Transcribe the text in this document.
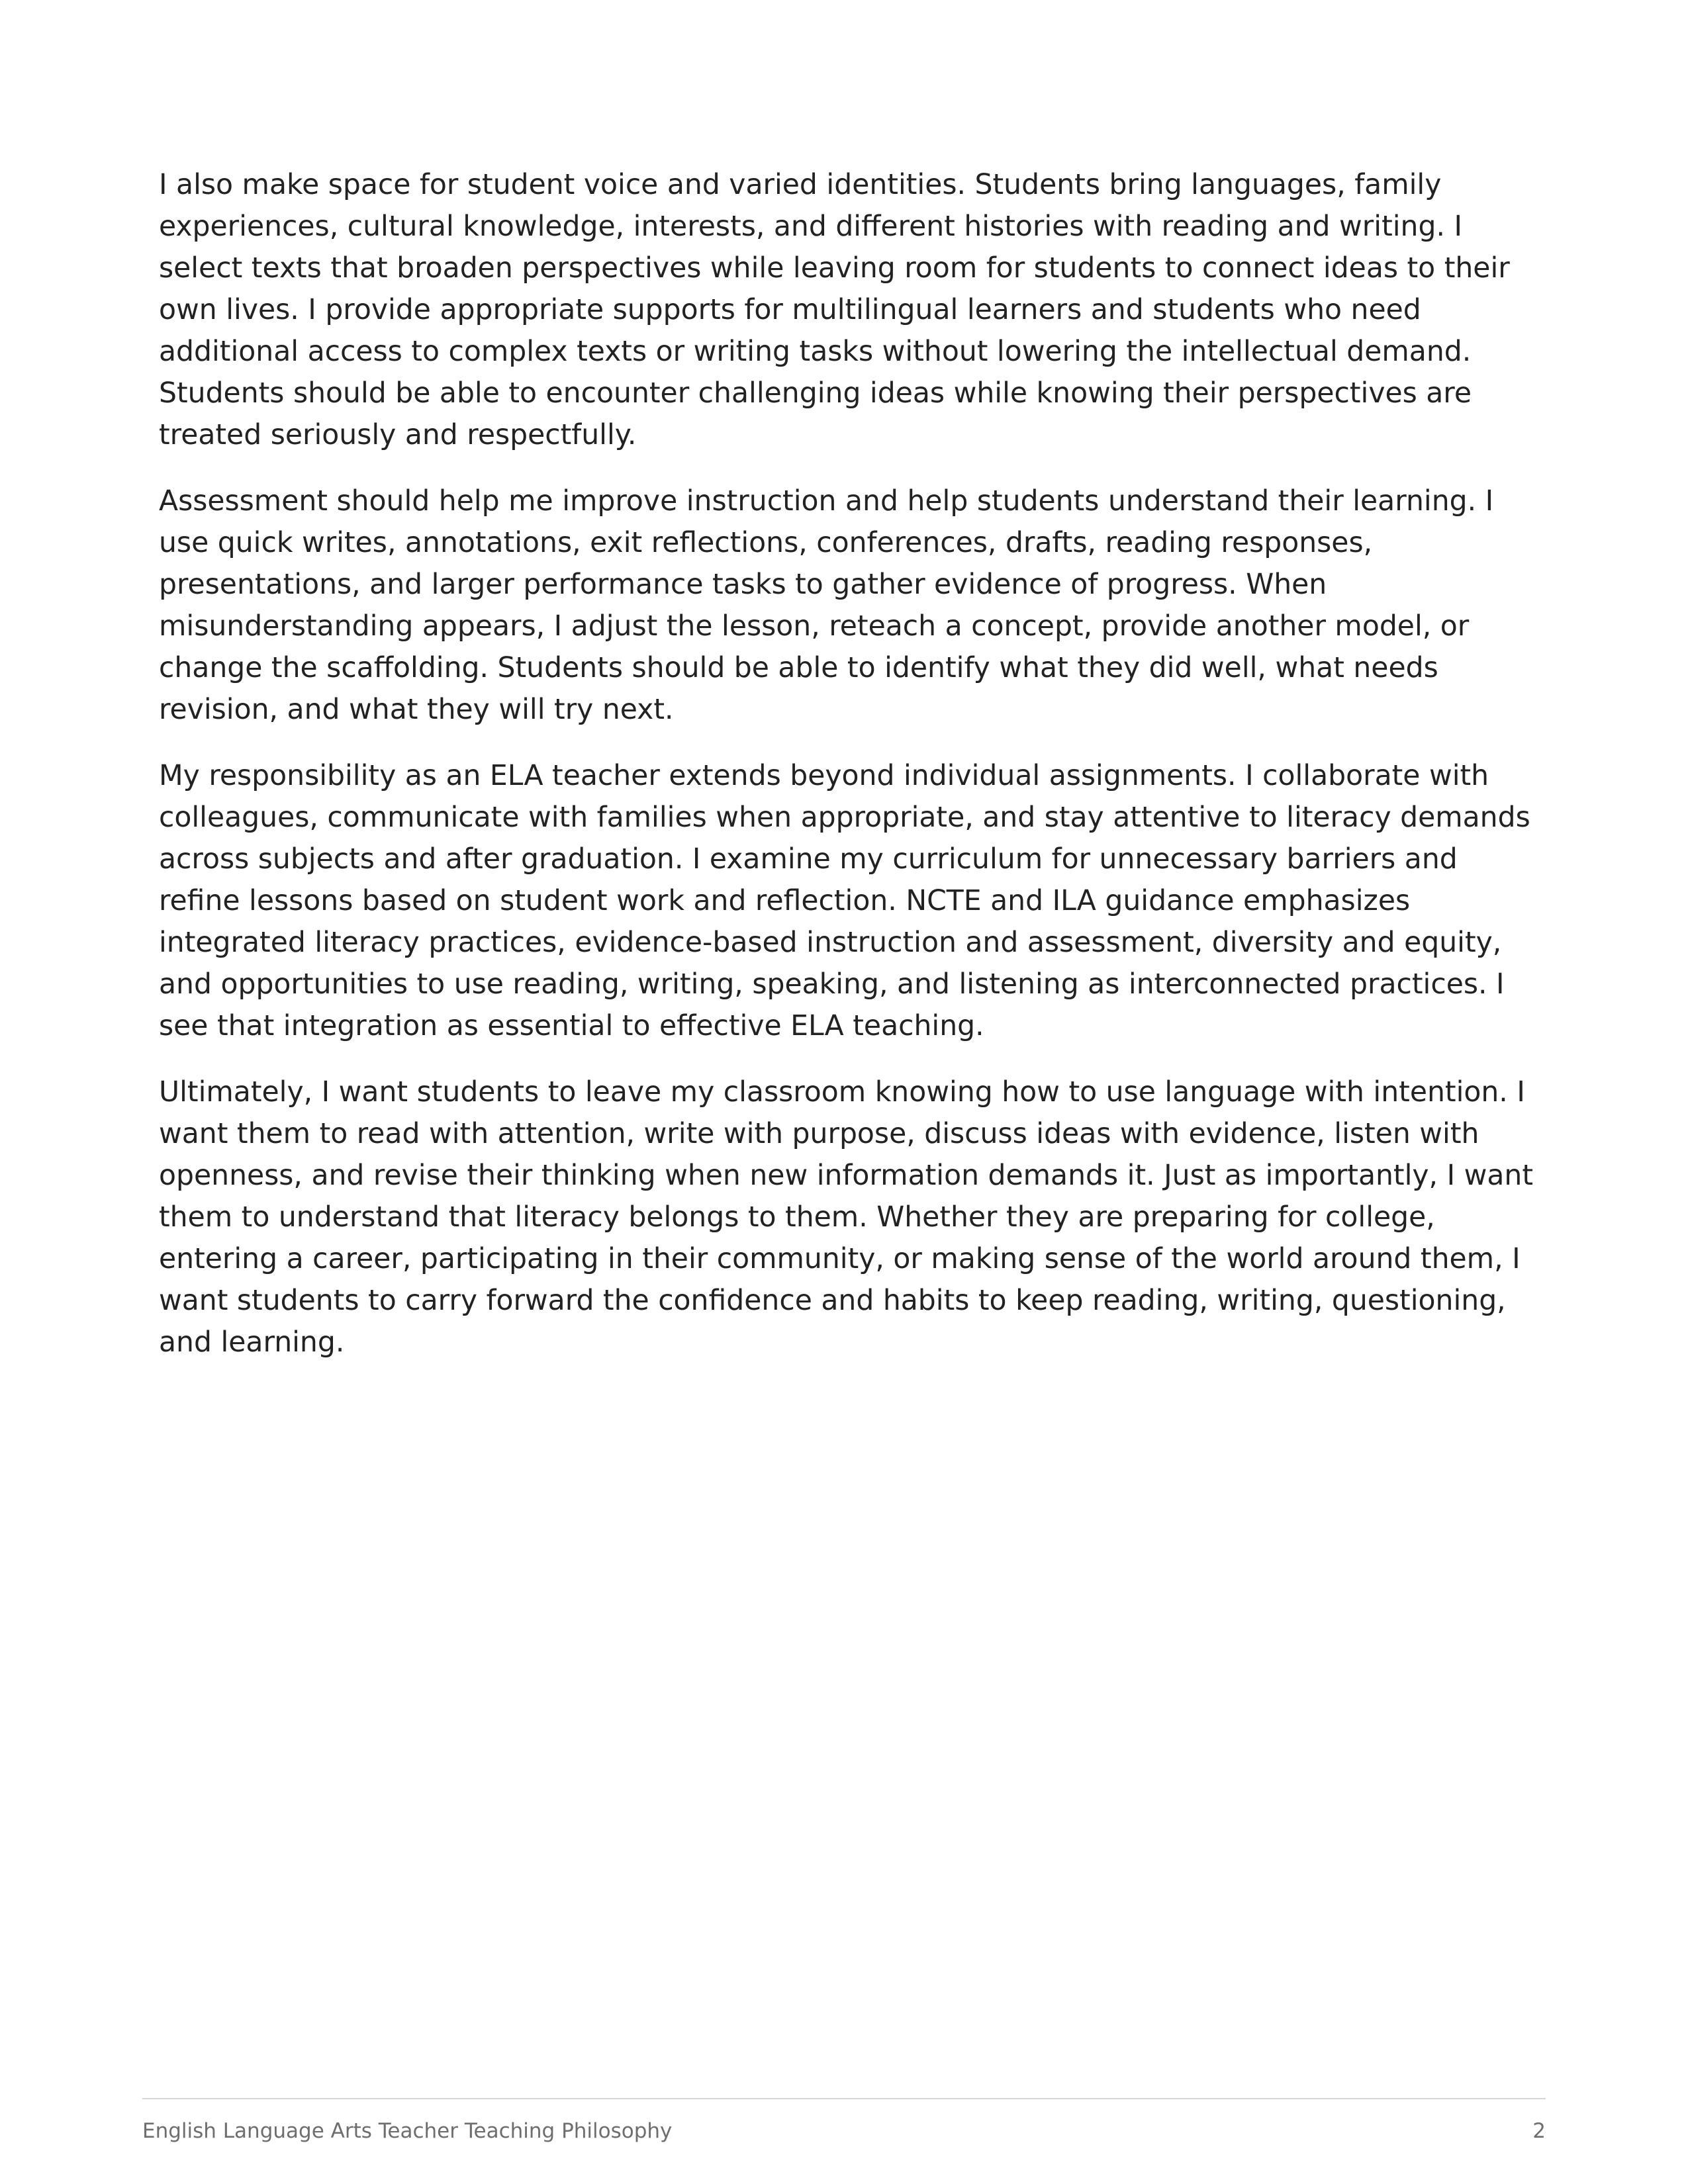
I also make space for student voice and varied identities. Students bring languages, family
experiences, cultural knowledge, interests, and different histories with reading and writing. I
select texts that broaden perspectives while leaving room for students to connect ideas to their
own lives. I provide appropriate supports for multilingual learners and students who need
additional access to complex texts or writing tasks without lowering the intellectual demand.
Students should be able to encounter challenging ideas while knowing their perspectives are
treated seriously and respectfully.

Assessment should help me improve instruction and help students understand their learning. I
use quick writes, annotations, exit reflections, conferences, drafts, reading responses,
presentations, and larger performance tasks to gather evidence of progress. When
misunderstanding appears, I adjust the lesson, reteach a concept, provide another model, or
change the scaffolding. Students should be able to identify what they did well, what needs
revision, and what they will try next.

My responsibility as an ELA teacher extends beyond individual assignments. I collaborate with
colleagues, communicate with families when appropriate, and stay attentive to literacy demands
across subjects and after graduation. I examine my curriculum for unnecessary barriers and
refine lessons based on student work and reflection. NCTE and ILA guidance emphasizes
integrated literacy practices, evidence-based instruction and assessment, diversity and equity,
and opportunities to use reading, writing, speaking, and listening as interconnected practices. I
see that integration as essential to effective ELA teaching.

Ultimately, I want students to leave my classroom knowing how to use language with intention. I
want them to read with attention, write with purpose, discuss ideas with evidence, listen with
openness, and revise their thinking when new information demands it. Just as importantly, I want
them to understand that literacy belongs to them. Whether they are preparing for college,
entering a career, participating in their community, or making sense of the world around them, I
want students to carry forward the confidence and habits to keep reading, writing, questioning,
and learning.

English Language Arts Teacher Teaching Philosophy	2
